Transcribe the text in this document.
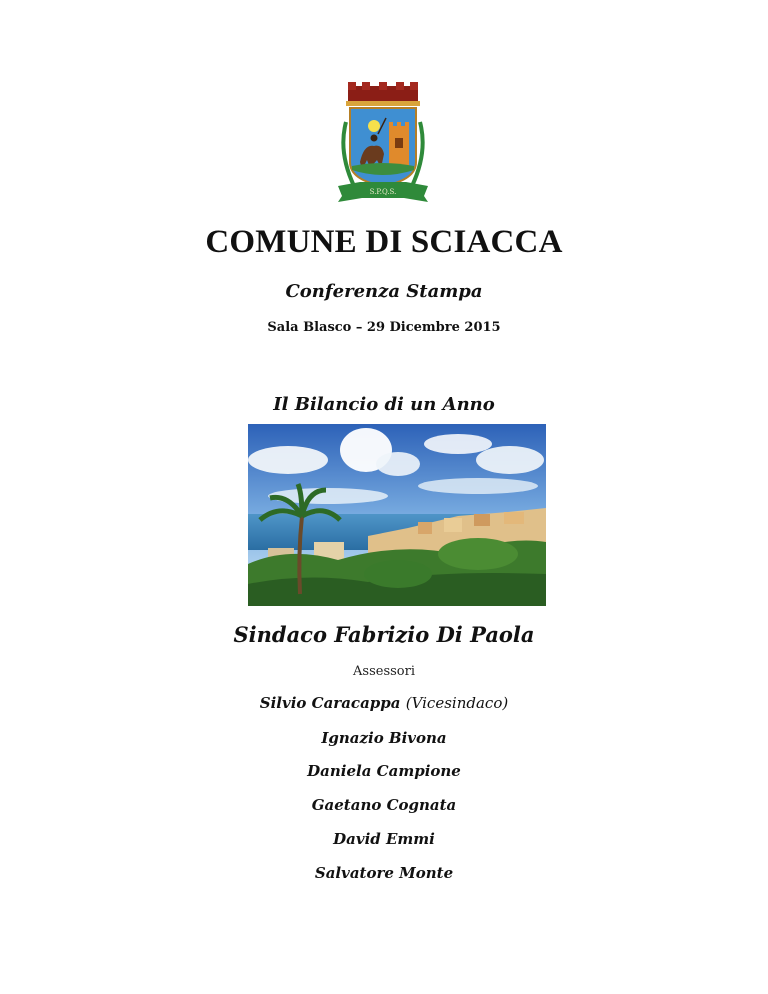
S.P.Q.S.
COMUNE DI SCIACCA

Conferenza Stampa

Sala Blasco – 29 Dicembre 2015

Il Bilancio di un Anno

Sindaco Fabrizio Di Paola

Assessori

Silvio Caracappa (Vicesindaco)

Ignazio Bivona

Daniela Campione

Gaetano Cognata

David Emmi

Salvatore Monte
